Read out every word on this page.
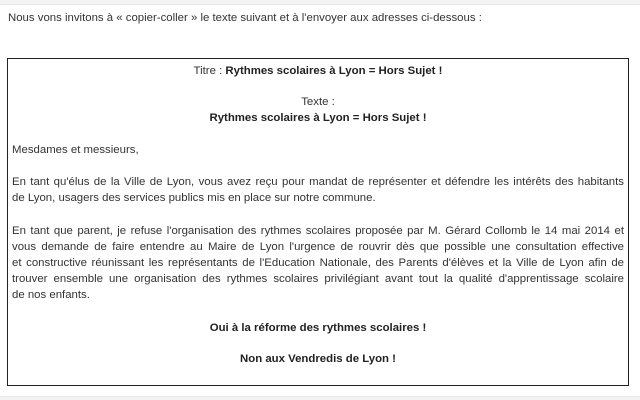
Nous vons invitons à « copier-coller » le texte suivant et à l'envoyer aux adresses ci-dessous :
Titre : Rythmes scolaires à Lyon = Hors Sujet !
Texte :
Rythmes scolaires à Lyon = Hors Sujet !
Mesdames et messieurs,
En tant qu'élus de la Ville de Lyon, vous avez reçu pour mandat de représenter et défendre les intérêts des habitants
de Lyon, usagers des services publics mis en place sur notre commune.
En tant que parent, je refuse l'organisation des rythmes scolaires proposée par M. Gérard Collomb le 14 mai 2014 et
vous demande de faire entendre au Maire de Lyon l'urgence de rouvrir dès que possible une consultation effective
et constructive réunissant les représentants de l'Education Nationale, des Parents d'élèves et la Ville de Lyon afin de
trouver ensemble une organisation des rythmes scolaires privilégiant avant tout la qualité d'apprentissage scolaire
de nos enfants.
Oui à la réforme des rythmes scolaires !
Non aux Vendredis de Lyon !
